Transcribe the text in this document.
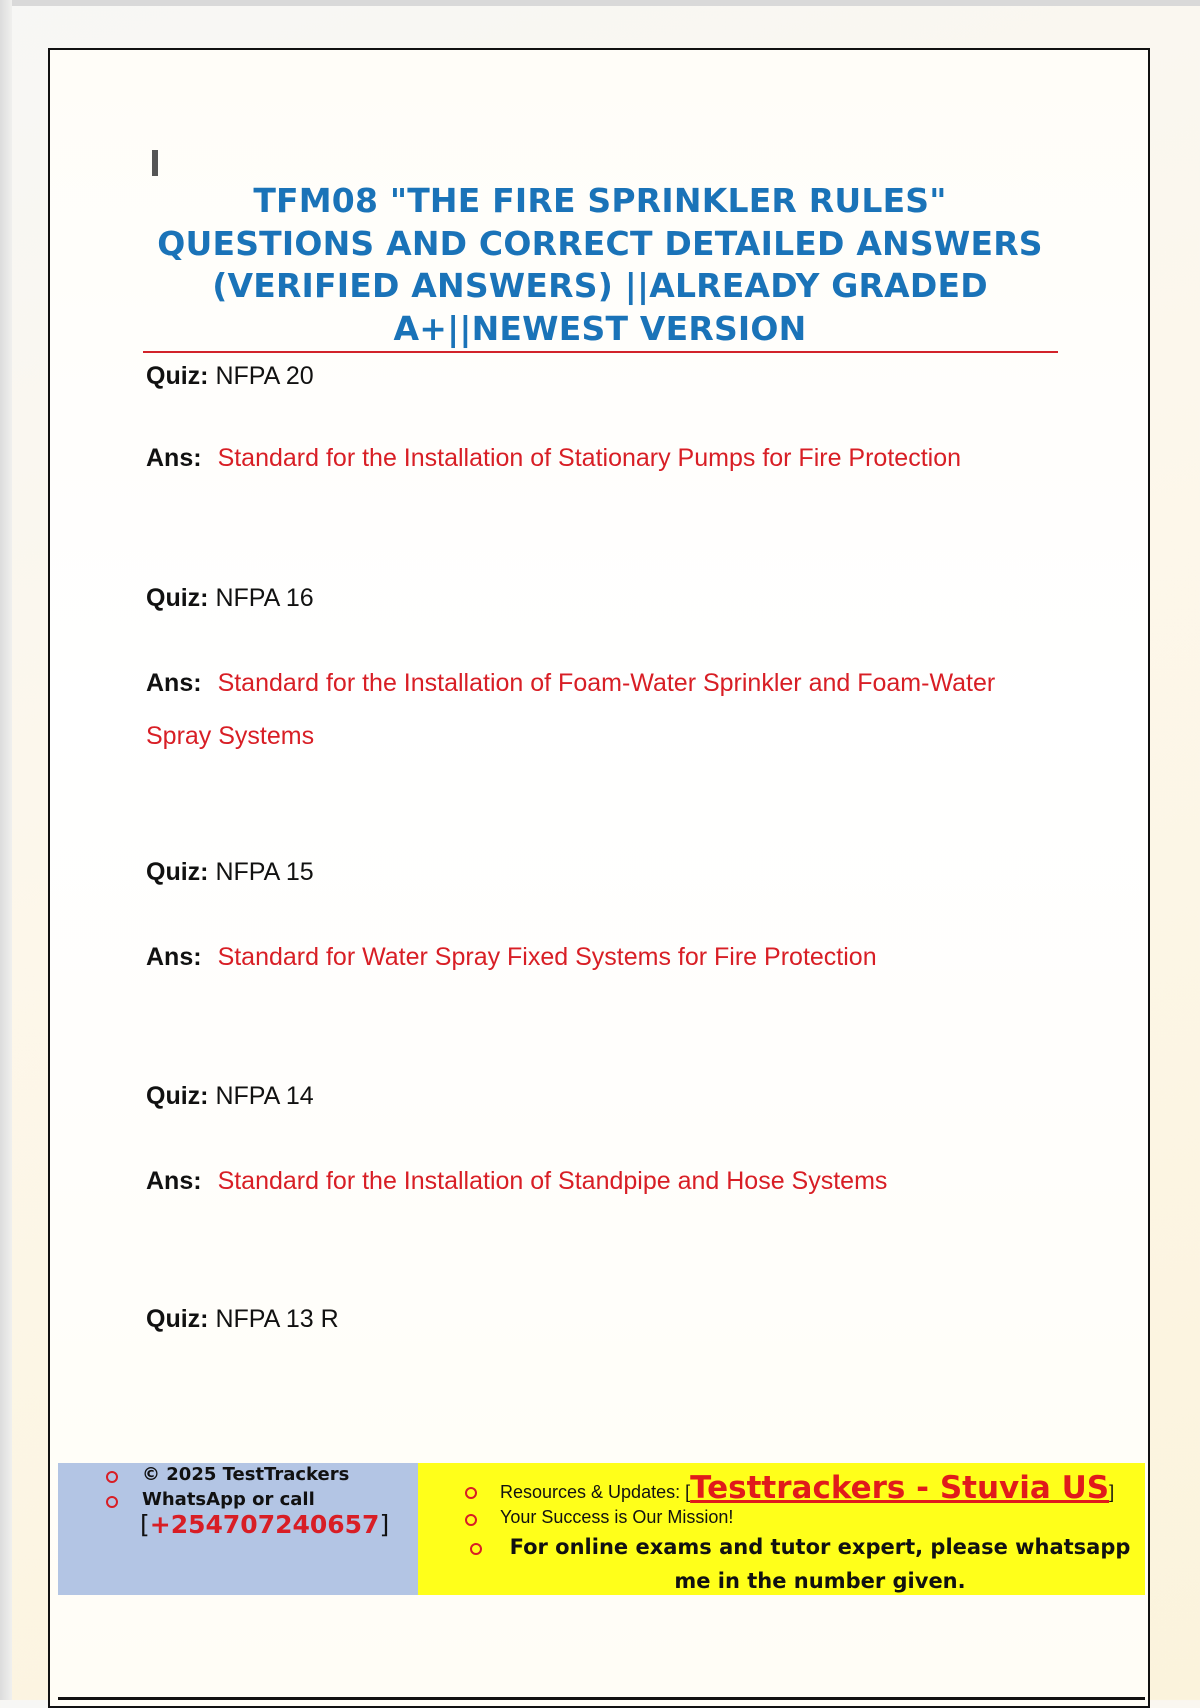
TFM08 "THE FIRE SPRINKLER RULES" QUESTIONS AND CORRECT DETAILED ANSWERS (VERIFIED ANSWERS) ||ALREADY GRADED A+||NEWEST VERSION

Quiz: NFPA 20

Ans: Standard for the Installation of Stationary Pumps for Fire Protection

Quiz: NFPA 16

Ans: Standard for the Installation of Foam-Water Sprinkler and Foam-Water Spray Systems

Quiz: NFPA 15

Ans: Standard for Water Spray Fixed Systems for Fire Protection

Quiz: NFPA 14

Ans: Standard for the Installation of Standpipe and Hose Systems

Quiz: NFPA 13 R

© 2025 TestTrackers
WhatsApp or call
[+254707240657]
Resources & Updates: [Testtrackers - Stuvia US]
Your Success is Our Mission!
For online exams and tutor expert, please whatsapp me in the number given.
